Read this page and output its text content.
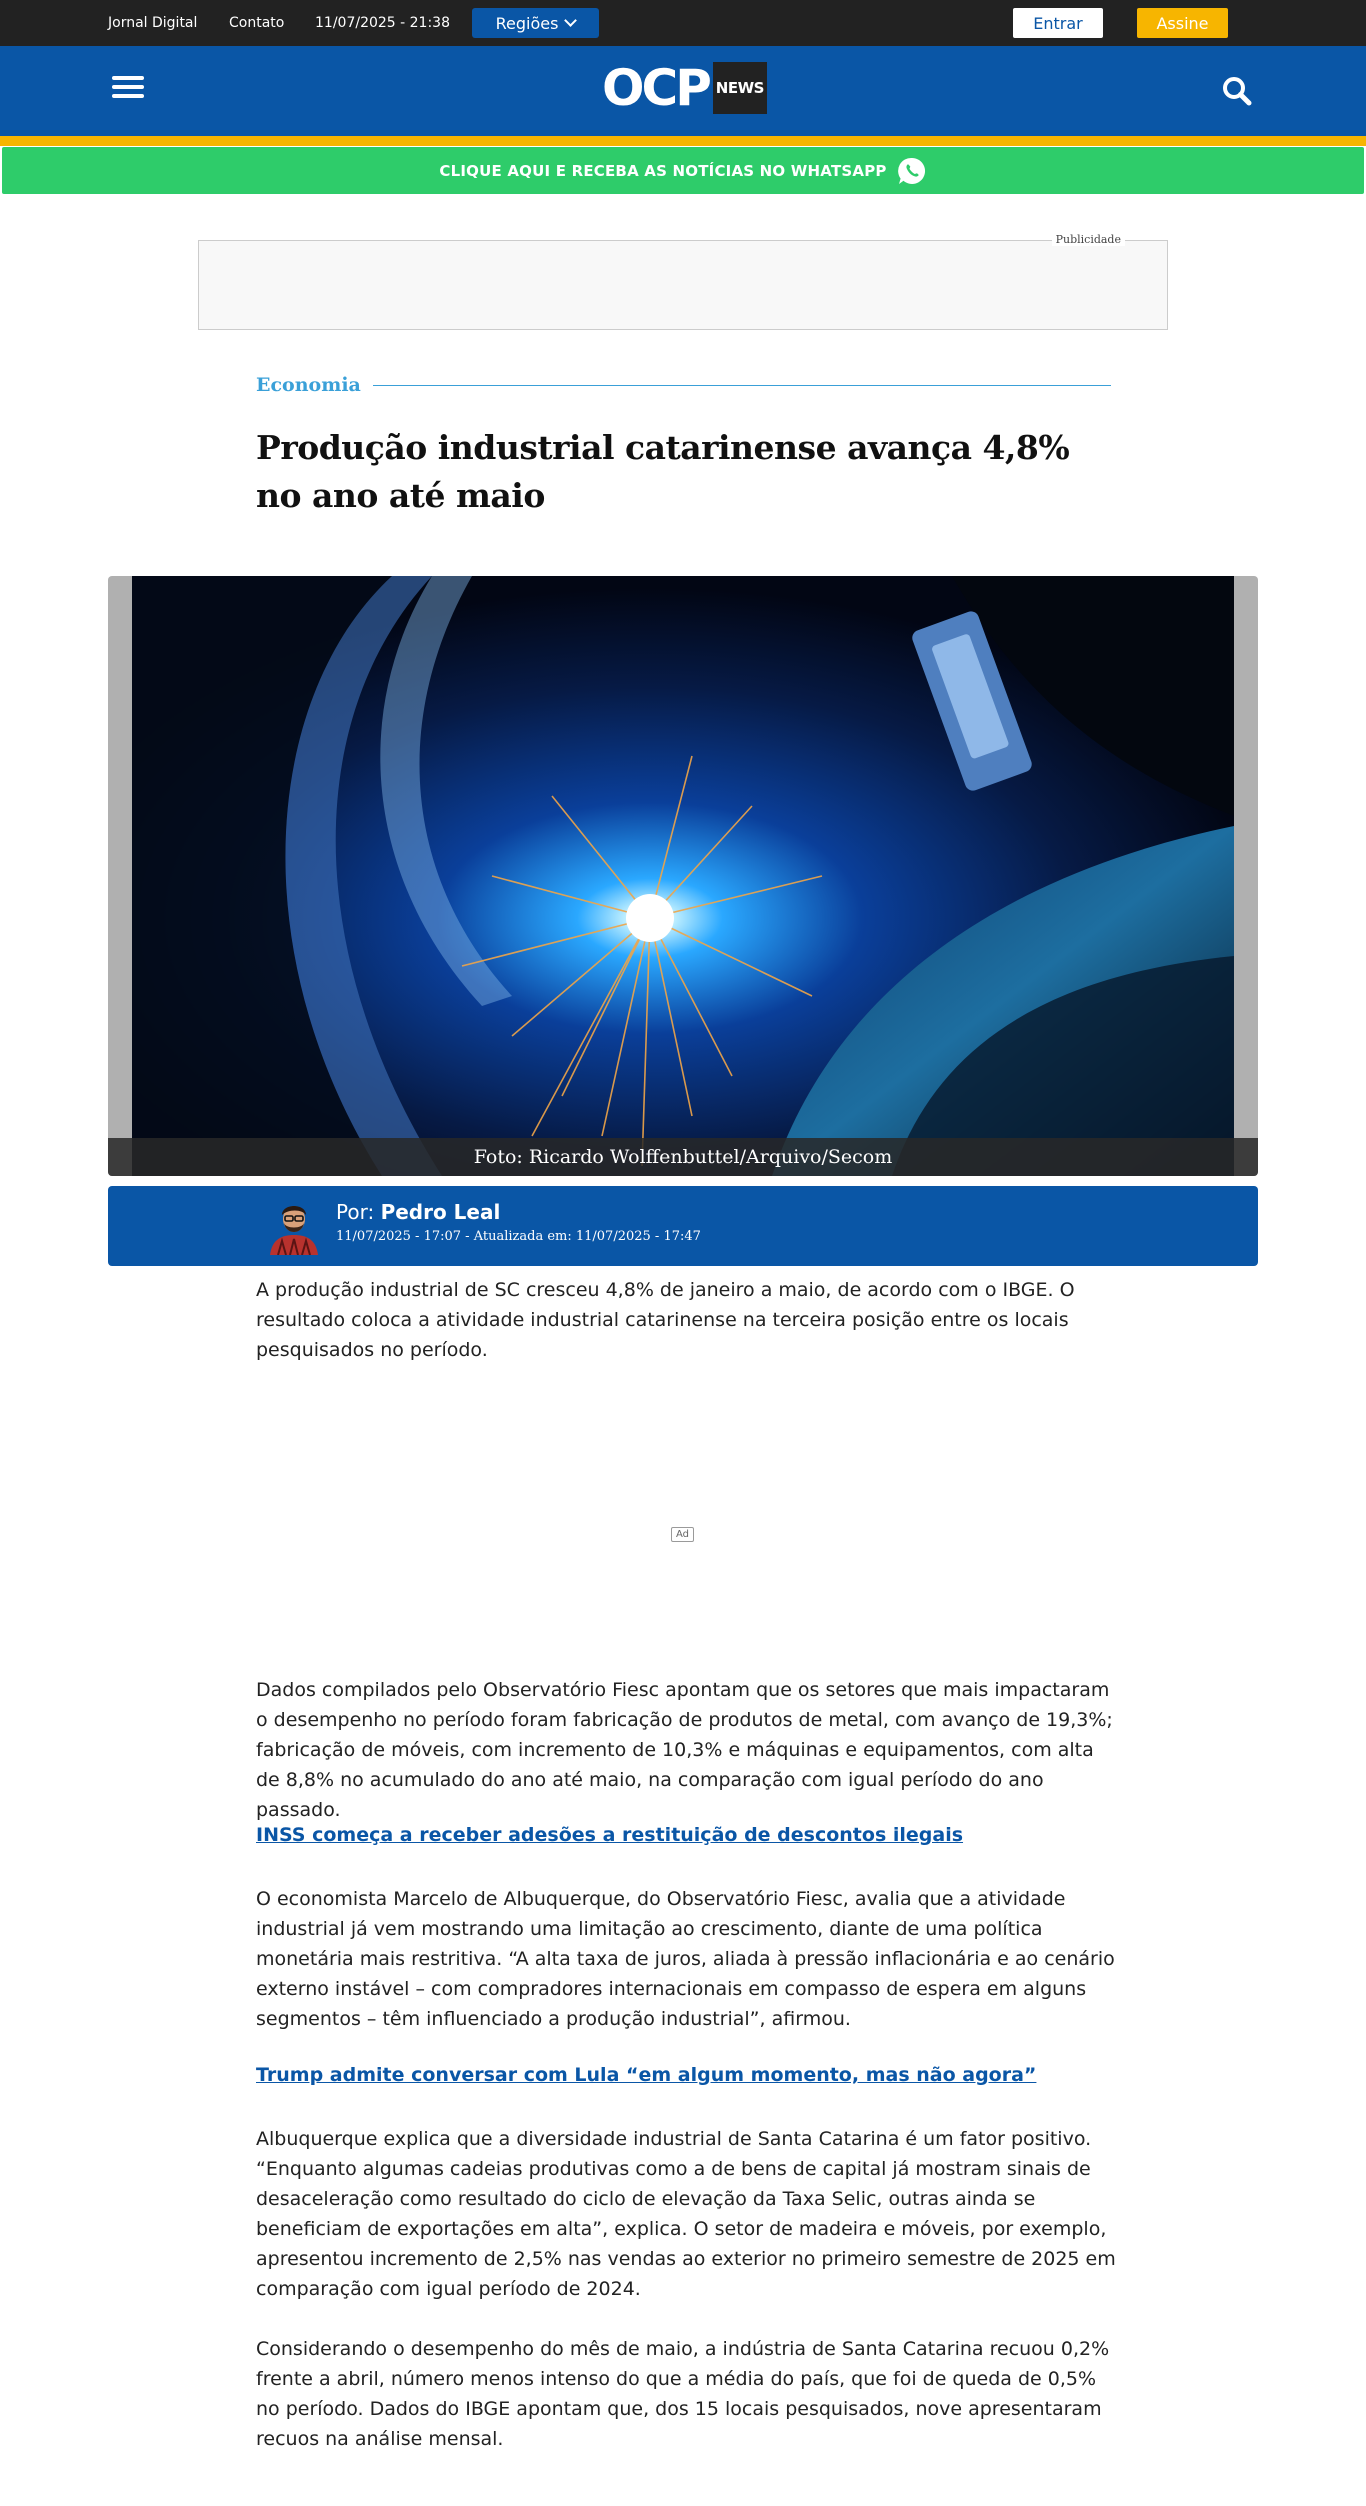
Jornal Digital Contato 11/07/2025 - 21:38	Regiões	Entrar	Assine
OCP NEWS
CLIQUE AQUI E RECEBA AS NOTÍCIAS NO WHATSAPP
Publicidade
Economia
Produção industrial catarinense avança 4,8% no ano até maio
Foto: Ricardo Wolffenbuttel/Arquivo/Secom
Por: Pedro Leal
11/07/2025 - 17:07 - Atualizada em: 11/07/2025 - 17:47

A produção industrial de SC cresceu 4,8% de janeiro a maio, de acordo com o IBGE. O resultado coloca a atividade industrial catarinense na terceira posição entre os locais pesquisados no período.

Ad

Dados compilados pelo Observatório Fiesc apontam que os setores que mais impactaram o desempenho no período foram fabricação de produtos de metal, com avanço de 19,3%; fabricação de móveis, com incremento de 10,3% e máquinas e equipamentos, com alta de 8,8% no acumulado do ano até maio, na comparação com igual período do ano passado.

INSS começa a receber adesões a restituição de descontos ilegais

O economista Marcelo de Albuquerque, do Observatório Fiesc, avalia que a atividade industrial já vem mostrando uma limitação ao crescimento, diante de uma política monetária mais restritiva. “A alta taxa de juros, aliada à pressão inflacionária e ao cenário externo instável – com compradores internacionais em compasso de espera em alguns segmentos – têm influenciado a produção industrial”, afirmou.

Trump admite conversar com Lula “em algum momento, mas não agora”

Albuquerque explica que a diversidade industrial de Santa Catarina é um fator positivo. “Enquanto algumas cadeias produtivas como a de bens de capital já mostram sinais de desaceleração como resultado do ciclo de elevação da Taxa Selic, outras ainda se beneficiam de exportações em alta”, explica. O setor de madeira e móveis, por exemplo, apresentou incremento de 2,5% nas vendas ao exterior no primeiro semestre de 2025 em comparação com igual período de 2024.

Considerando o desempenho do mês de maio, a indústria de Santa Catarina recuou 0,2% frente a abril, número menos intenso do que a média do país, que foi de queda de 0,5% no período. Dados do IBGE apontam que, dos 15 locais pesquisados, nove apresentaram recuos na análise mensal.
